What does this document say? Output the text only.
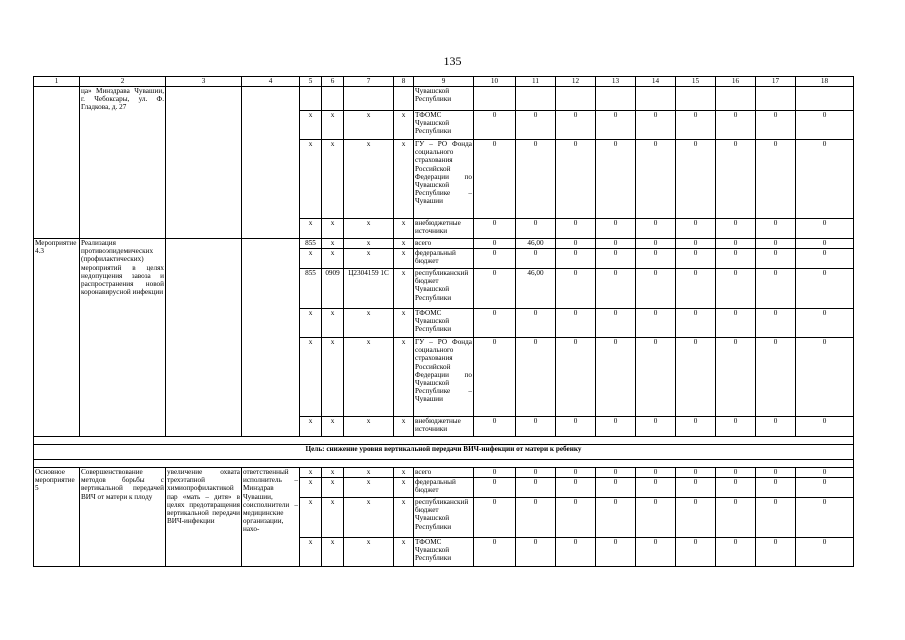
135
1	2	3	4	5	6	7	8	9	10	11	12	13	14	15	16	17	18
	ца» Минздрава Чувашии, г. Чебоксары, ул. Ф. Гладкова, д. 27							Чувашской Республики									
				x	x	x	x	ТФОМС Чувашской Республики	0	0	0	0	0	0	0	0	0
				x	x	x	x	ГУ – РО Фонда социального страхования Российской Федерации по Чувашской Республике – Чувашии	0	0	0	0	0	0	0	0	0
				x	x	x	x	внебюджетные источники	0	0	0	0	0	0	0	0	0
Мероприятие 4.3	Реализация противоэпидемических (профилактических) мероприятий в целях недопущения завоза и распространения новой коронавирусной инфекции			855	x	x	x	всего	0	46,00	0	0	0	0	0	0	0
				x	x	x	x	федеральный бюджет	0	0	0	0	0	0	0	0	0
				855	0909	Ц2304159 1С	x	республиканский бюджет Чувашской Республики	0	46,00	0	0	0	0	0	0	0
				x	x	x	x	ТФОМС Чувашской Республики	0	0	0	0	0	0	0	0	0
				x	x	x	x	ГУ – РО Фонда социального страхования Российской Федерации по Чувашской Республике – Чувашии	0	0	0	0	0	0	0	0	0
				x	x	x	x	внебюджетные источники	0	0	0	0	0	0	0	0	0

Цель: снижение уровня вертикальной передачи ВИЧ-инфекции от матери к ребенку																	

Основное мероприятие 5	Совершенствование методов борьбы с вертикальной передачей ВИЧ от матери к плоду	увеличение охвата трехэтапной химиопрофилактикой пар «мать – дитя» в целях предотвращения вертикальной передачи ВИЧ-инфекции	ответственный исполнитель – Минздрав Чувашии, соисполнители – медицинские организации, нахо-	x	x	x	x	всего	0	0	0	0	0	0	0	0	0
				x	x	x	x	федеральный бюджет	0	0	0	0	0	0	0	0	0
				x	x	x	x	республиканский бюджет Чувашской Республики	0	0	0	0	0	0	0	0	0
				x	x	x	x	ТФОМС Чувашской Республики	0	0	0	0	0	0	0	0	0
